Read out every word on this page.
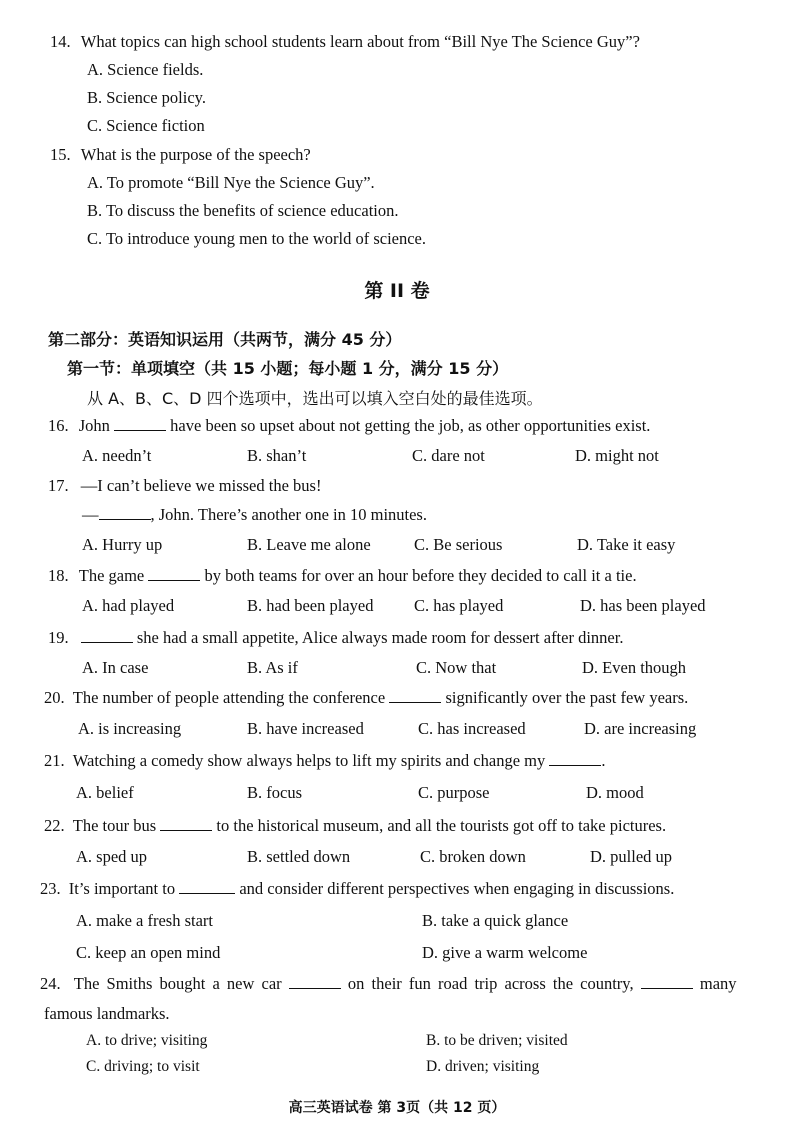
14. What topics can high school students learn about from “Bill Nye The Science Guy”?
A. Science fields.
B. Science policy.
C. Science fiction
15. What is the purpose of the speech?
A. To promote “Bill Nye the Science Guy”.
B. To discuss the benefits of science education.
C. To introduce young men to the world of science.
第 II 卷
第二部分：英语知识运用（共两节，满分 45 分）
第一节：单项填空（共 15 小题；每小题 1 分，满分 15 分）
从 A、B、C、D 四个选项中，选出可以填入空白处的最佳选项。
16. John	have been so upset about not getting the job, as other opportunities exist.
A. needn’t	B. shan’t	C. dare not	D. might not
17. —I can’t believe we missed the bus!
—	, John. There’s another one in 10 minutes.
A. Hurry up	B. Leave me alone	C. Be serious	D. Take it easy
18. The game	by both teams for over an hour before they decided to call it a tie.
A. had played	B. had been played C. has played	D. has been played
19.	she had a small appetite, Alice always made room for dessert after dinner.
A. In case	B. As if	C. Now that	D. Even though
20. The number of people attending the conference	significantly over the past few years.
A. is increasing	B. have increased	C. has increased	D. are increasing
21. Watching a comedy show always helps to lift my spirits and change my	.
A. belief	B. focus	C. purpose	D. mood
22. The tour bus	to the historical museum, and all the tourists got off to take pictures.
A. sped up	B. settled down	C. broken down	D. pulled up
23. It’s important to	and consider different perspectives when engaging in discussions.
A. make a fresh start	B. take a quick glance
C. keep an open mind	D. give a warm welcome
24. The Smiths bought a new car	on their fun road trip across the country,	many
famous landmarks.
A. to drive; visiting	B. to be driven; visited
C. driving; to visit	D. driven; visiting
高三英语试卷 第 3页（共 12 页）
